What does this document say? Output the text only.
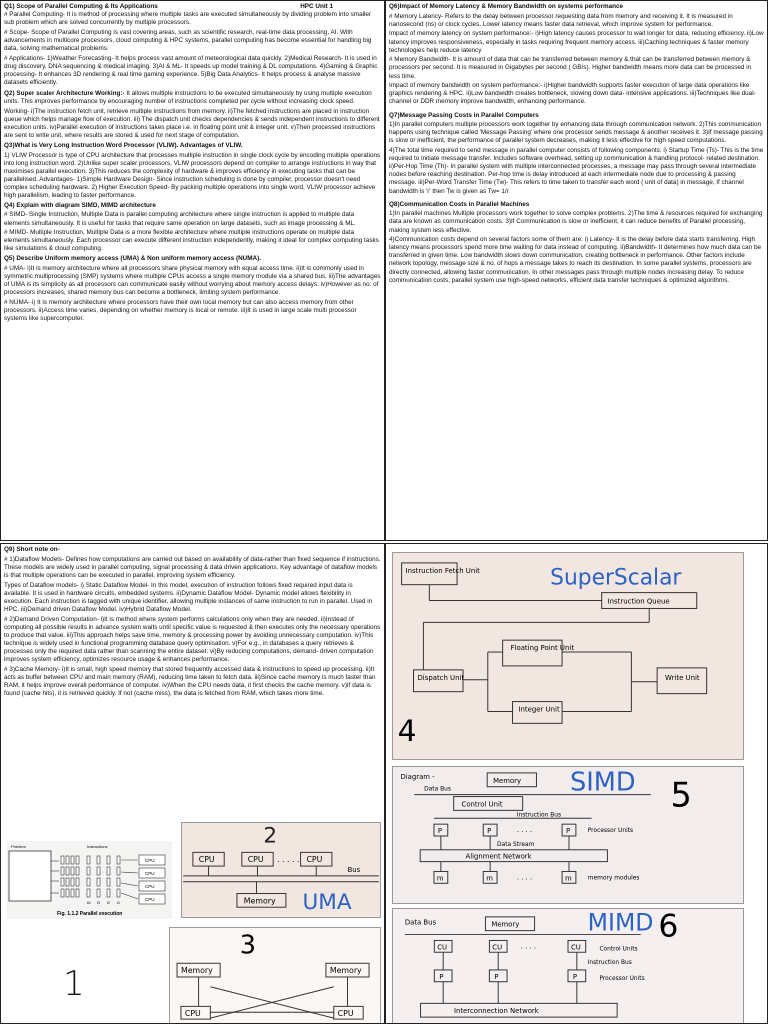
Q1) Scope of Parallel Computing & Its Applications	HPC Unit 1

# Parallel Computing- It is method of processing where multiple tasks are executed simultaneously by dividing problem into smaller sub problem which are solved concurrently by multiple processors.

# Scope- Scope of Parallel Computing is vast covering areas, such as scientific research, real-time data processing, AI. With advancements in multicore processors, cloud computing & HPC systems, parallel computing has become essential for handling big data, solving mathematical problems.

# Applications- 1)Weather Forecasting- It helps process vast amount of meteorological data quickly. 2)Medical Research- It is used in drug discovery, DNA sequencing & medical imaging. 3)AI & ML- It speeds up model training & DL computations. 4)Gaming & Graphic processing- It enhances 3D rendering & real time gaming experience. 5)Big Data Analytics- It helps process & analyse massive datasets efficiently.

Q2) Super scaler Architecture Working:- It allows multiple instructions to be executed simultaneously by using multiple execution units. This improves performance by encouraging number of instructions completed per cycle without increasing clock speed.

Working- i)The instruction fetch unit, retrieve multiple instructions from memory. ii)The fetched instructions are placed in instruction queue which helps manage flow of execution. iii) The dispatch unit checks dependencies & sends independent instructions to different execution units. iv)Parallel execution of instructions takes place i.e. in floating point unit & integer unit. v)Then processed instructions are sent to write unit, where results are stored & used for next stage of computation.

Q3)What is Very Long Instruction Word Processor (VLIW). Advantages of VLIW.

1) VLIW Processor is type of CPU architecture that processes multiple instruction in single clock cycle by encoding multiple operations into long instruction word. 2)Unlike super scaler processors, VLIW processors depend on compiler to arrange instructions in way that maximises parallel execution. 3)This reduces the complexity of hardware & improves efficiency in executing tasks that can be parallelised. Advantages- 1)Simple Hardware Design- Since instruction scheduling is done by compiler, processor doesn't need complex scheduling hardware. 2) Higher Execution Speed- By packing multiple operations into single word, VLIW processor achieve high parallelism, leading to faster performance.

Q4) Explain with diagram SIMD, MIMD architecture

# SIMD- Single Instruction, Multiple Data is parallel computing architecture where single instruction is applied to multiple data elements simultaneously. It is useful for tasks that require same operation on large datasets, such as image processing & ML.

# MIMD- Multiple Instruction, Multiple Data is a more flexible architecture where multiple instructions operate on multiple data elements simultaneously. Each processor can execute different instruction independently, making it ideal for complex computing tasks like simulations & cloud computing.

Q5) Describe Uniform memory access (UMA) & Non uniform memory access (NUMA).

# UMA- i)It is memory architecture where all processors share physical memory with equal access time. ii)It is commonly used in symmetric multiprocessing (SMP) systems where multiple CPUs access a single memory module via a shared bus. iii)The advantages of UMA is its simplicity as all processors can communicate easily without worrying about memory access delays. iv)However as no. of processors increases, shared memory bus can become a bottleneck, limiting system performance.

# NUMA- i) It is memory architecture where processors have their own local memory but can also access memory from other processors. ii)Access time varies, depending on whether memory is local or remote. iii)It is used in large scale multi processor systems like supercomputer.

Q6)Impact of Memory Latency & Memory Bandwidth on systems performance

# Memory Latency- Refers to the delay between processor requesting data from memory and receiving it. It is measured in nanosecond (ns) or clock cycles. Lower latency means faster data retrieval, which improve system for performance.

Impact of memory latency on system performance:- i)High latency causes processor to wait longer for data, reducing efficiency. ii)Low latency improves responsiveness, especially in tasks requiring frequent memory access. iii)Caching techniques & faster memory technologies help reduce latency

# Memory Bandwidth- It is amount of data that can be transferred between memory & that can be transferred between memory & processors per second. It is measured in Gigabytes per second ( GB/s). Higher bandwidth means more data can be processed in less time.

Impact of memory bandwidth on system performance:- i)Higher bandwidth supports faster execution of large data operations like graphics rendering & HPC. ii)Low bandwidth creates bottleneck, slowing down data- intensive applications. iii)Techniques like dual-channel or DDR memory improve bandwidth, enhancing performance.

Q7)Message Passing Costs in Parallel Computers

1)In parallel computers multiple processors work together by enhancing data through communication network. 2)This communication happens using technique called 'Message Passing' where one processor sends message & another receives it. 3)If message passing is slow or inefficient, the performance of parallel system decreases, making it less effective for high speed computations.

4)The total time required to send message in parallel computer consists of following components: i) Startup Time (Ts)- This is the time required to initiate message transfer. Includes software overhead, setting up communication & handling protocol- related destination. ii)Per-Hop Time (Th)- In parallel system with multiple interconnected processes, a message may pass through several intermediate nodes before reaching destination. Per-hop time is delay introduced at each intermediate node due to processing & passing message. iii)Per-Word Transfer Time (Tw)- This refers to time taken to transfer each word ( unit of data) in message, If channel bandwidth is 'r' then Tw is given as Tw= 1/r

Q8)Communication Costs in Parallel Machines

1)In parallel machines Multiple processors work together to solve complex problems. 2)The time & resources required for exchanging data are known as communication costs. 3)If Communication is slow or inefficient, it can reduce benefits of Parallel processing, making system less effective.

4)Communication costs depend on several factors some of them are: i) Latency- It is the delay before data starts transferring. High latency means processors spend more time waiting for data instead of computing. ii)Bandwidth- It determines how much data can be transferred in given time. Low bandwidth slows down communication, creating bottleneck in performance. Other factors include network topology, message size & no. of hops a message takes to reach its destination. In some parallel systems, processors are directly connected, allowing faster communication. In other messages pass through multiple nodes increasing delay. To reduce communication costs, parallel system use high-speed networks, efficient data transfer techniques & optimized algorithms.

Q9) Short note on-

# 1)Dataflow Models- Defines how computations are carried out based on availability of data-rather than fixed sequence if instructions. These models are widely used in parallel computing, signal processing & data driven applications. Key advantage of dataflow models is that multiple operations can be executed in parallel, improving system efficiency.

Types of Dataflow models- i) Static Dataflow Model- In this model, execution of instruction follows fixed required input data is available. It is used in hardware circuits, embedded systems. ii)Dynamic Dataflow Model- Dynamic model allows flexibility in execution. Each instruction is tagged with unique identifier, allowing multiple instances of same instruction to run in parallel. Used in HPC. iii)Demand driven Dataflow Model. iv)Hybrid Dataflow Model.

# 2)Demand Driven Computation- i)It is method where system performs calculations only when they are needed. ii)Instead of computing all possible results in advance system waits until specific value is requested & then executes only the necessary operations to produce that value. iii)This approach helps save time, memory & processing power by avoiding unnecessary computation. iv)This technique is widely used in functional programming database query optimisation. v)For e.g., in databases a query retrieves & processes only the required data rather than scanning the entire dataset. vi)By reducing computations, demand- driven computation improves system efficiency, optimizes resource usage & enhances performance.

# 3)Cache Memory- i)It is small, high speed memory that stored frequently accessed data & instructions to speed up processing. ii)It acts as buffer between CPU and main memory (RAM), reducing time taken to fetch data. iii)Since cache memory is much faster than RAM, it helps improve overall performance of computer. iv)When the CPU needs data, it first checks the cache memory. v)If data is found (cache hits), it is retrieved quickly. If not (cache miss), the data is fetched from RAM, which takes more time.

Problem	Instructions
CPU
CPU
CPU
CPU
tN t3 t2 t1
Fig. 1.1.2 Parallel execution
1
CPU	CPU	CPU
. . . . .
Bus
Memory UMA
2
3
Memory	Memory
CPU	CPU
Instruction Fetch Unit	SuperScalar
Instruction Queue
Dispatch Unit
Floating Point Unit
Integer Unit
Write Unit
4
Diagram -	Memory
Data Bus
Control Unit
SIMD 5
Instruction Bus
P	P	P
. . . .	Processor Units
Data Stream
Alignment Network
m	m	m
. . . .	memory modules
Data Bus	Memory	MIMD 6
CU	CU	CU
. . . .	Control Units
Instruction Bus
P	P	P	Processor Units
Interconnection Network
